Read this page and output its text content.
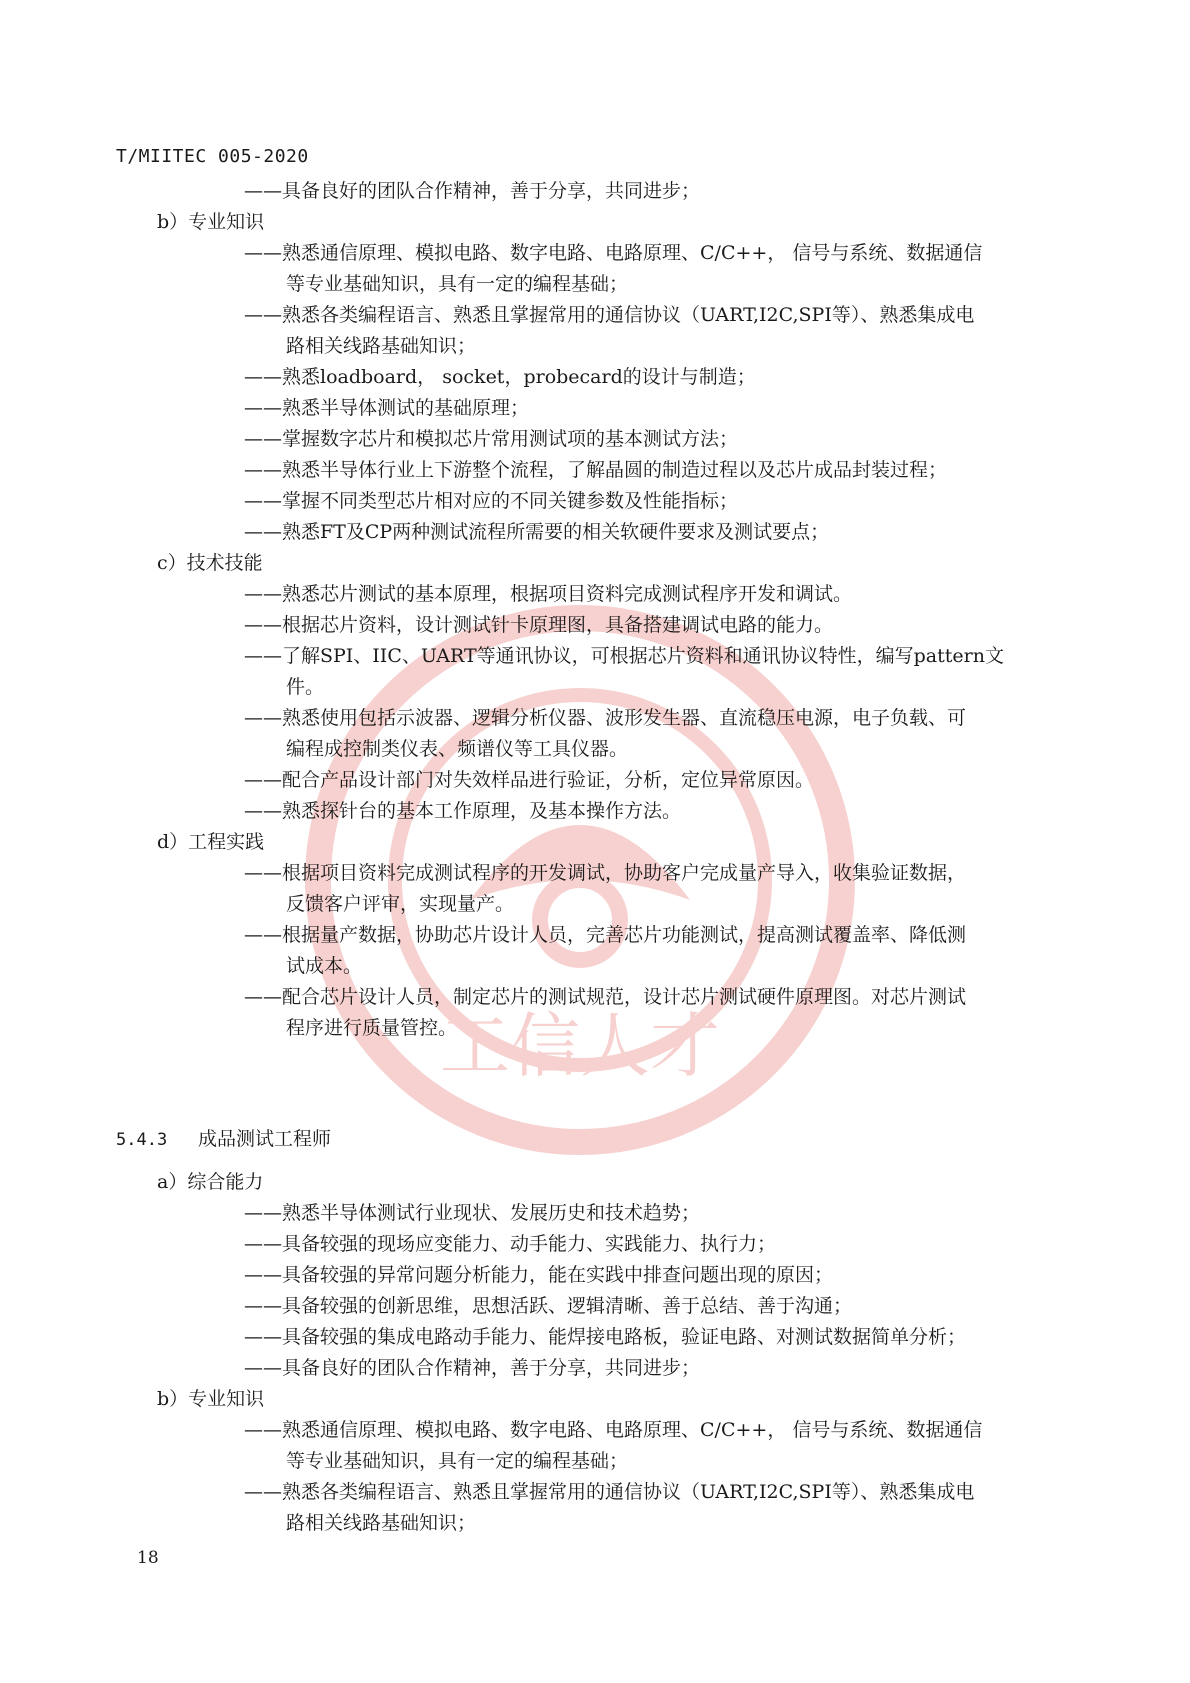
工信人才
T/MIITEC 005-2020
——具备良好的团队合作精神，善于分享，共同进步；
b）专业知识
——熟悉通信原理、模拟电路、数字电路、电路原理、C/C++， 信号与系统、数据通信
等专业基础知识，具有一定的编程基础；
——熟悉各类编程语言、熟悉且掌握常用的通信协议（UART,I2C,SPI等）、熟悉集成电
路相关线路基础知识；
——熟悉loadboard， socket，probecard的设计与制造；
——熟悉半导体测试的基础原理；
——掌握数字芯片和模拟芯片常用测试项的基本测试方法；
——熟悉半导体行业上下游整个流程，了解晶圆的制造过程以及芯片成品封装过程；
——掌握不同类型芯片相对应的不同关键参数及性能指标；
——熟悉FT及CP两种测试流程所需要的相关软硬件要求及测试要点；
c）技术技能
——熟悉芯片测试的基本原理，根据项目资料完成测试程序开发和调试。
——根据芯片资料，设计测试针卡原理图，具备搭建调试电路的能力。
——了解SPI、IIC、UART等通讯协议，可根据芯片资料和通讯协议特性，编写pattern文
件。
——熟悉使用包括示波器、逻辑分析仪器、波形发生器、直流稳压电源，电子负载、可
编程成控制类仪表、频谱仪等工具仪器。
——配合产品设计部门对失效样品进行验证，分析，定位异常原因。
——熟悉探针台的基本工作原理，及基本操作方法。
d）工程实践
——根据项目资料完成测试程序的开发调试，协助客户完成量产导入，收集验证数据，
反馈客户评审，实现量产。
——根据量产数据，协助芯片设计人员，完善芯片功能测试，提高测试覆盖率、降低测
试成本。
——配合芯片设计人员，制定芯片的测试规范，设计芯片测试硬件原理图。对芯片测试
程序进行质量管控。
5.4.3 成品测试工程师
a）综合能力
——熟悉半导体测试行业现状、发展历史和技术趋势；
——具备较强的现场应变能力、动手能力、实践能力、执行力；
——具备较强的异常问题分析能力，能在实践中排查问题出现的原因；
——具备较强的创新思维，思想活跃、逻辑清晰、善于总结、善于沟通；
——具备较强的集成电路动手能力、能焊接电路板，验证电路、对测试数据简单分析；
——具备良好的团队合作精神，善于分享，共同进步；
b）专业知识
——熟悉通信原理、模拟电路、数字电路、电路原理、C/C++， 信号与系统、数据通信
等专业基础知识，具有一定的编程基础；
——熟悉各类编程语言、熟悉且掌握常用的通信协议（UART,I2C,SPI等）、熟悉集成电
路相关线路基础知识；
18
